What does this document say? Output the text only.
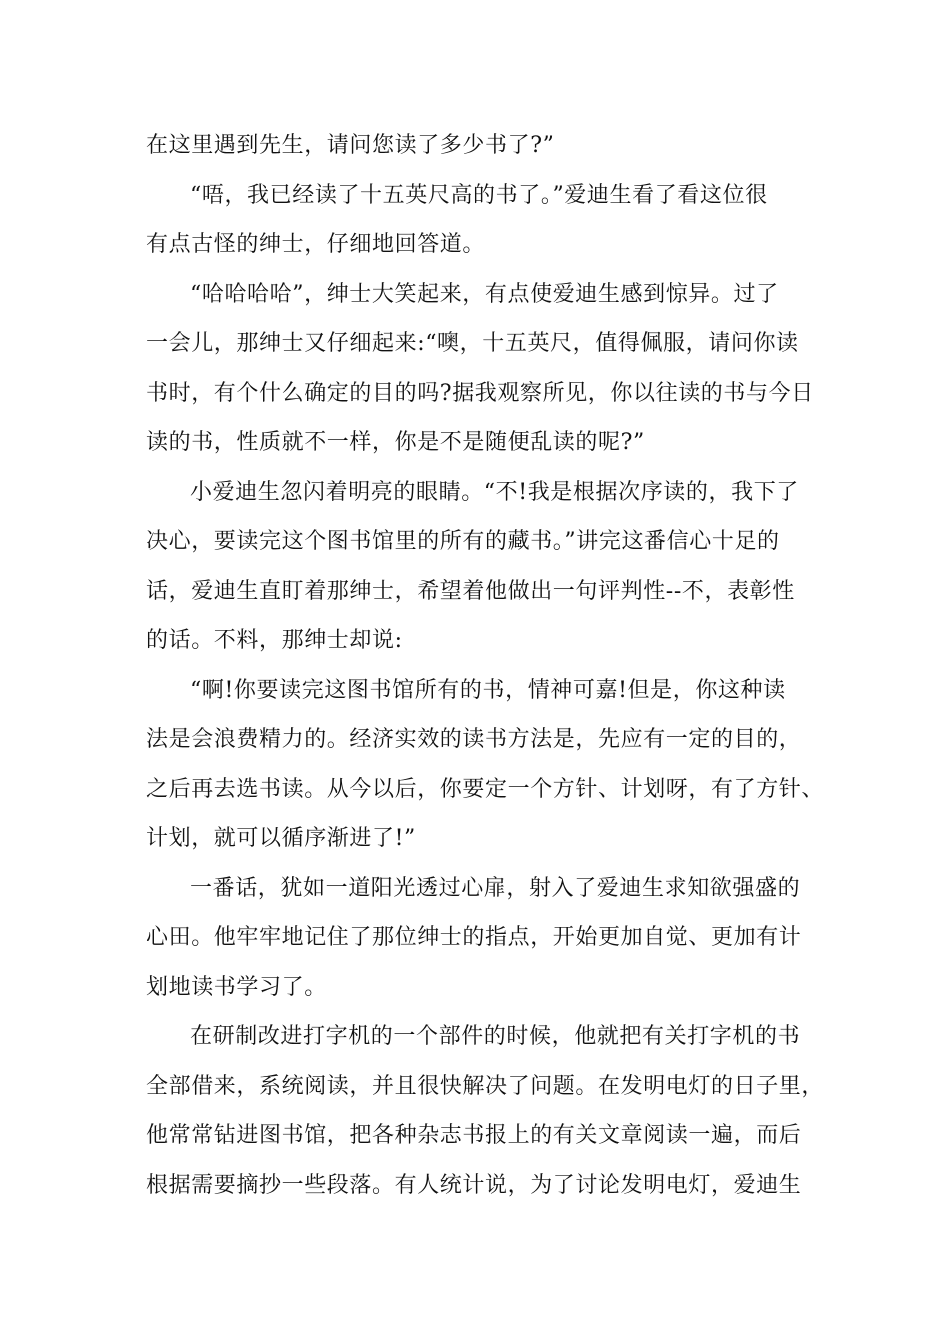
在这里遇到先生，请问您读了多少书了?”
“唔，我已经读了十五英尺高的书了。”爱迪生看了看这位很
有点古怪的绅士，仔细地回答道。
“哈哈哈哈”，绅士大笑起来，有点使爱迪生感到惊异。过了
一会儿，那绅士又仔细起来:“噢，十五英尺，值得佩服，请问你读
书时，有个什么确定的目的吗?据我观察所见，你以往读的书与今日
读的书，性质就不一样，你是不是随便乱读的呢?”
小爱迪生忽闪着明亮的眼睛。“不!我是根据次序读的，我下了
决心，要读完这个图书馆里的所有的藏书。”讲完这番信心十足的
话，爱迪生直盯着那绅士，希望着他做出一句评判性--不，表彰性
的话。不料，那绅士却说:
“啊!你要读完这图书馆所有的书，情神可嘉!但是，你这种读
法是会浪费精力的。经济实效的读书方法是，先应有一定的目的，
之后再去选书读。从今以后，你要定一个方针、计划呀，有了方针、
计划，就可以循序渐进了!”
一番话，犹如一道阳光透过心扉，射入了爱迪生求知欲强盛的
心田。他牢牢地记住了那位绅士的指点，开始更加自觉、更加有计
划地读书学习了。
在研制改进打字机的一个部件的时候，他就把有关打字机的书
全部借来，系统阅读，并且很快解决了问题。在发明电灯的日子里，
他常常钻进图书馆，把各种杂志书报上的有关文章阅读一遍，而后
根据需要摘抄一些段落。有人统计说，为了讨论发明电灯，爱迪生
